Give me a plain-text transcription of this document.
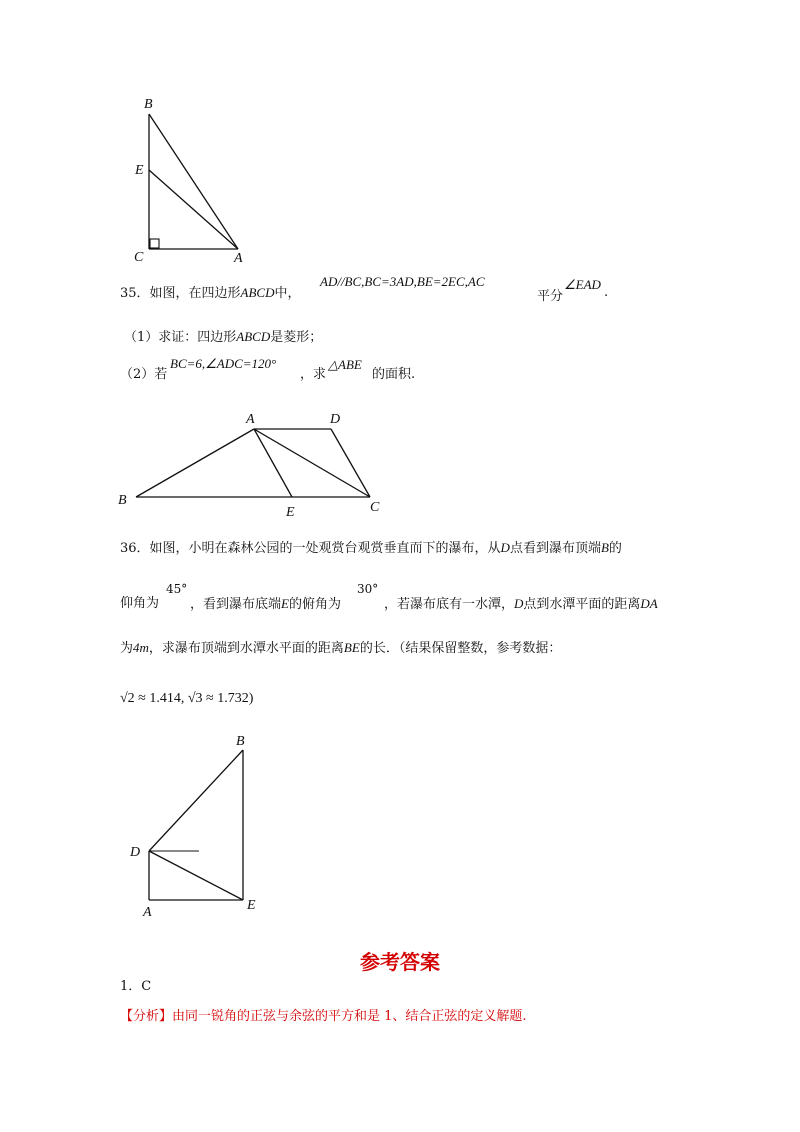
B
E
C	A
35．如图，在四边形ABCD中，
AD//BC,BC=3AD,BE=2EC,AC
平分
∠EAD
.
（1）求证：四边形ABCD是菱形；
（2）若
BC=6,∠ADC=120°
，求
△ABE
的面积.
A	D
B
E	C
36．如图，小明在森林公园的一处观赏台观赏垂直而下的瀑布，从D点看到瀑布顶端B的
仰角为
45°
，看到瀑布底端E的俯角为
30°
，若瀑布底有一水潭，D点到水潭平面的距离DA
为4m，求瀑布顶端到水潭水平面的距离BE的长．（结果保留整数，参考数据：
√2 ≈ 1.414, √3 ≈ 1.732)
B
D
A	E
参考答案
1．C
【分析】由同一锐角的正弦与余弦的平方和是 1、结合正弦的定义解题.
